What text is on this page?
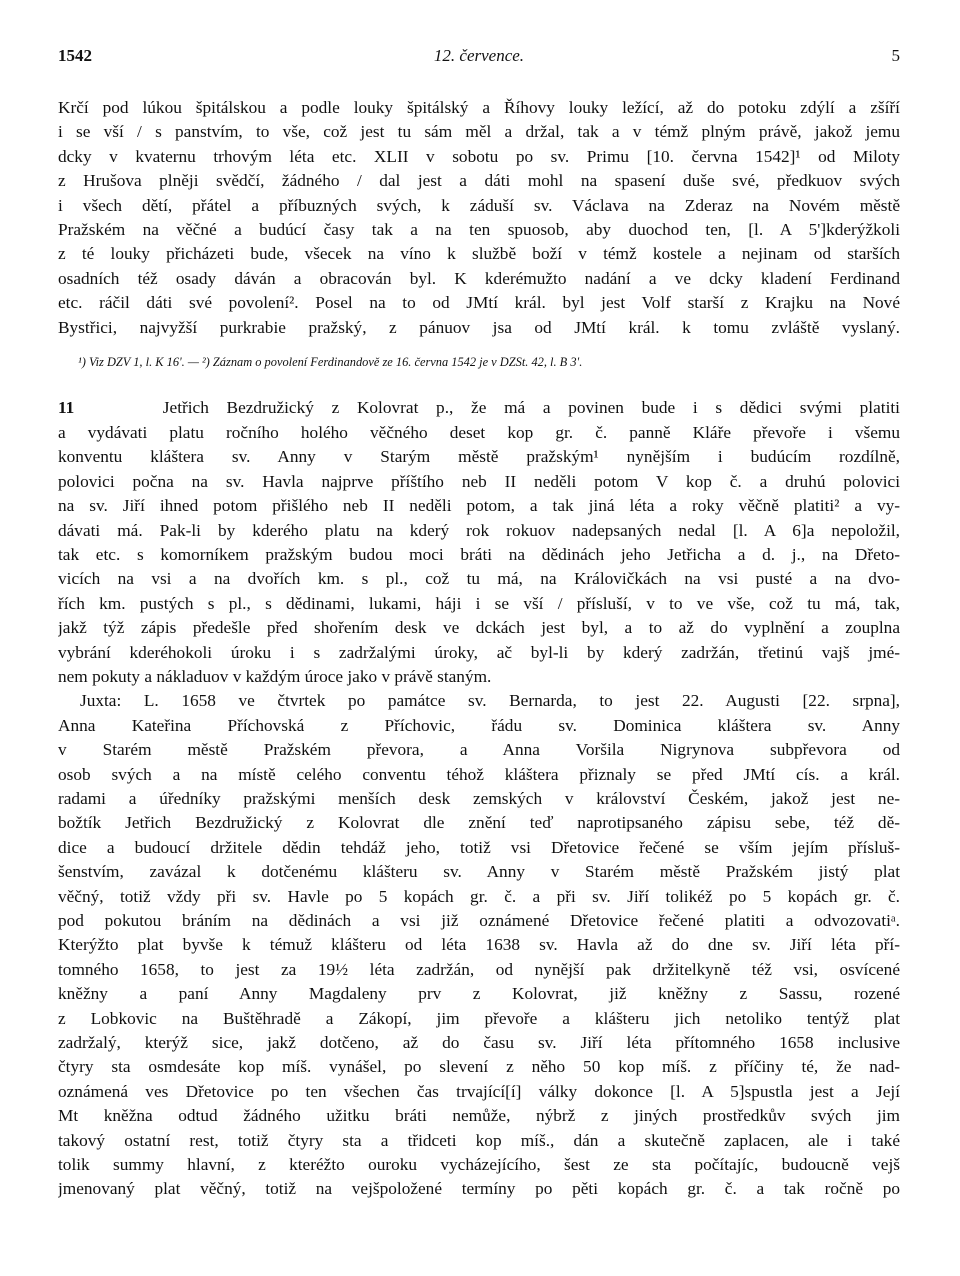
1542	12. července.	5
Krčí pod lúkou špitálskou a podle louky špitálský a Říhovy louky ležící, až do potoku zdýlí a zšíří
i se vší / s panstvím, to vše, což jest tu sám měl a držal, tak a v témž plným právě, jakož jemu
dcky v kvaternu trhovým léta etc. XLII v sobotu po sv. Primu [10. června 1542]¹ od Miloty
z Hrušova plněji svědčí, žádného / dal jest a dáti mohl na spasení duše své, předkuov svých
i všech dětí, přátel a příbuzných svých, k záduší sv. Václava na Zderaz na Novém městě
Pražském na věčné a budúcí časy tak a na ten spuosob, aby duochod ten, [l. A 5']kderýžkoli
z té louky přicházeti bude, všecek na víno k službě boží v témž kostele a nejinam od starších
osadních též osady dáván a obracován byl. K kderémužto nadání a ve dcky kladení Ferdinand
etc. ráčil dáti své povolení². Posel na to od JMtí král. byl jest Volf starší z Krajku na Nové
Bystřici, najvyžší purkrabie pražský, z pánuov jsa od JMtí král. k tomu zvláště vyslaný.
¹) Viz DZV 1, l. K 16'. — ²) Záznam o povolení Ferdinandově ze 16. června 1542 je v DZSt. 42, l. B 3'.
11	Jetřich Bezdružický z Kolovrat p., že má a povinen bude i s dědici svými platiti
a vydávati platu ročního holého věčného deset kop gr. č. panně Kláře převoře i všemu
konventu kláštera sv. Anny v Starým městě pražským¹ nynějším i budúcím rozdílně,
polovici počna na sv. Havla najprve příštího neb II neděli potom V kop č. a druhú polovici
na sv. Jiří ihned potom přišlého neb II neděli potom, a tak jiná léta a roky věčně platiti² a vy-
dávati má. Pak-li by kderého platu na kderý rok rokuov nadepsaných nedal [l. A 6]a nepoložil,
tak etc. s komorníkem pražským budou moci bráti na dědinách jeho Jetřicha a d. j., na Dřeto-
vicích na vsi a na dvořích km. s pl., což tu má, na Královičkách na vsi pusté a na dvo-
řích km. pustých s pl., s dědinami, lukami, háji i se vší / přísluší, v to ve vše, což tu má, tak,
jakž týž zápis předešle před shořením desk ve dckách jest byl, a to až do vyplnění a zouplna
vybrání kderéhokoli úroku i s zadržalými úroky, ač byl-li by kderý zadržán, třetinú vajš jmé-
nem pokuty a nákladuov v každým úroce jako v právě staným.
Juxta: L. 1658 ve čtvrtek po památce sv. Bernarda, to jest 22. Augusti [22. srpna],
Anna Kateřina Příchovská z Příchovic, řádu sv. Dominica kláštera sv. Anny
v Starém městě Pražském převora, a Anna Voršila Nigrynova subpřevora od
osob svých a na místě celého conventu téhož kláštera přiznaly se před JMtí cís. a král.
radami a úředníky pražskými menších desk zemských v království Českém, jakož jest ne-
božtík Jetřich Bezdružický z Kolovrat dle znění teď naprotipsaného zápisu sebe, též dě-
dice a budoucí držitele dědin tehdáž jeho, totiž vsi Dřetovice řečené se vším jejím přísluš-
šenstvím, zavázal k dotčenému klášteru sv. Anny v Starém městě Pražském jistý plat
věčný, totiž vždy při sv. Havle po 5 kopách gr. č. a při sv. Jiří tolikéž po 5 kopách gr. č.
pod pokutou bráním na dědinách a vsi již oznámené Dřetovice řečené platiti a odvozovatiᵃ.
Kterýžto plat byvše k témuž klášteru od léta 1638 sv. Havla až do dne sv. Jiří léta pří-
tomného 1658, to jest za 19½ léta zadržán, od nynější pak držitelkyně též vsi, osvícené
kněžny a paní Anny Magdaleny prv z Kolovrat, již kněžny z Sassu, rozené
z Lobkovic na Buštěhradě a Zákopí, jim převoře a klášteru jich netoliko tentýž plat
zadržalý, kterýž sice, jakž dotčeno, až do času sv. Jiří léta přítomného 1658 inclusive
čtyry sta osmdesáte kop míš. vynášel, po slevení z něho 50 kop míš. z příčiny té, že nad-
oznámená ves Dřetovice po ten všechen čas trvající[í] války dokonce [l. A 5]spustla jest a Její
Mt kněžna odtud žádného užitku bráti nemůže, nýbrž z jiných prostředkův svých jim
takový ostatní rest, totiž čtyry sta a třidceti kop míš., dán a skutečně zaplacen, ale i také
tolik summy hlavní, z kteréžto ouroku vycházejícího, šest ze sta počítajíc, budoucně vejš
jmenovaný plat věčný, totiž na vejšpoložené termíny po pěti kopách gr. č. a tak ročně po
